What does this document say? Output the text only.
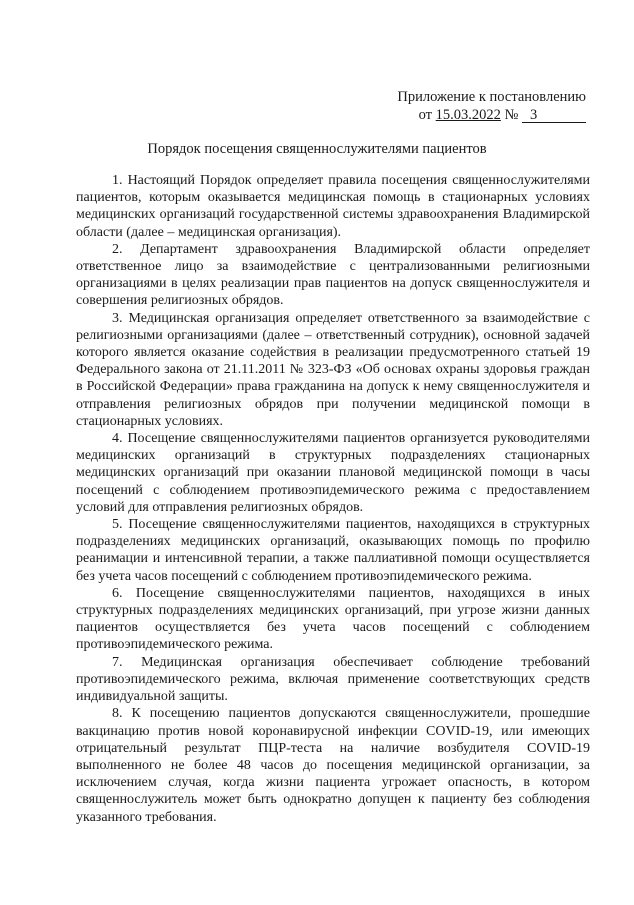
Приложение к постановлению
от 15.03.2022 № 3
Порядок посещения священнослужителями пациентов

1. Настоящий Порядок определяет правила посещения священнослужителями пациентов, которым оказывается медицинская помощь в стационарных условиях медицинских организаций государственной системы здравоохранения Владимирской области (далее – медицинская организация).

2. Департамент здравоохранения Владимирской области определяет ответственное лицо за взаимодействие с централизованными религиозными организациями в целях реализации прав пациентов на допуск священнослужителя и совершения религиозных обрядов.

3. Медицинская организация определяет ответственного за взаимодействие с религиозными организациями (далее – ответственный сотрудник), основной задачей которого является оказание содействия в реализации предусмотренного статьей 19 Федерального закона от 21.11.2011 № 323-ФЗ «Об основах охраны здоровья граждан в Российской Федерации» права гражданина на допуск к нему священнослужителя и отправления религиозных обрядов при получении медицинской помощи в стационарных условиях.

4. Посещение священнослужителями пациентов организуется руководителями медицинских организаций в структурных подразделениях стационарных медицинских организаций при оказании плановой медицинской помощи в часы посещений с соблюдением противоэпидемического режима с предоставлением условий для отправления религиозных обрядов.

5. Посещение священнослужителями пациентов, находящихся в структурных подразделениях медицинских организаций, оказывающих помощь по профилю реанимации и интенсивной терапии, а также паллиативной помощи осуществляется без учета часов посещений с соблюдением противоэпидемического режима.

6. Посещение священнослужителями пациентов, находящихся в иных структурных подразделениях медицинских организаций, при угрозе жизни данных пациентов осуществляется без учета часов посещений с соблюдением противоэпидемического режима.

7. Медицинская организация обеспечивает соблюдение требований противоэпидемического режима, включая применение соответствующих средств индивидуальной защиты.

8. К посещению пациентов допускаются священнослужители, прошедшие вакцинацию против новой коронавирусной инфекции COVID-19, или имеющих отрицательный результат ПЦР-теста на наличие возбудителя COVID-19 выполненного не более 48 часов до посещения медицинской организации, за исключением случая, когда жизни пациента угрожает опасность, в котором священнослужитель может быть однократно допущен к пациенту без соблюдения указанного требования.
